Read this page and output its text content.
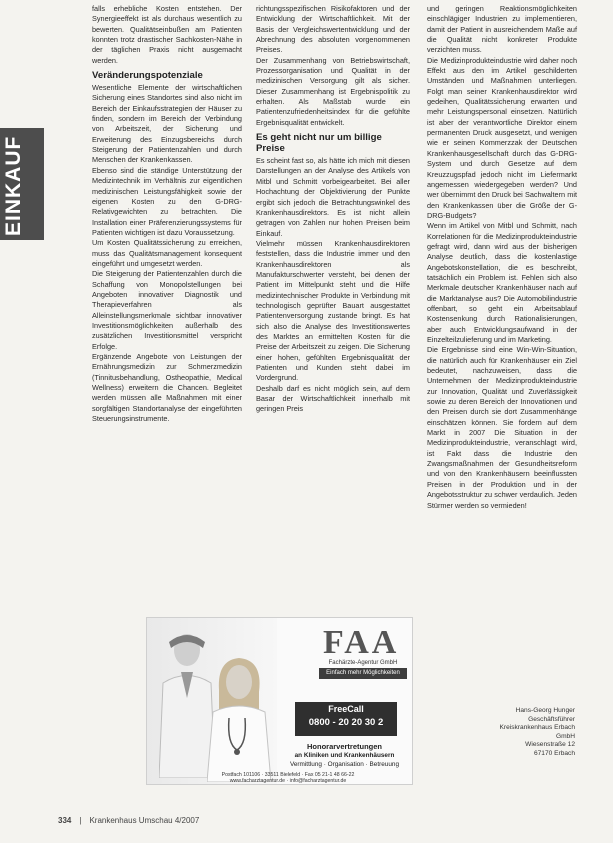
EINKAUF

falls erhebliche Kosten entstehen. Der Synergieeffekt ist als durchaus wesentlich zu bewerten. Qualitätseinbußen am Patienten konnten trotz drastischer Sachkosten-Nähe in der täglichen Praxis nicht ausgemacht werden.

Veränderungspotenziale

Wesentliche Elemente der wirtschaftlichen Sicherung eines Standortes sind also nicht im Bereich der Einkaufsstrategien der Häuser zu finden, sondern im Bereich der Verbindung von Arbeitszeit, der Sicherung und Erweiterung des Einzugsbereichs durch Steigerung der Patientenzahlen und durch Menschen der Krankenkassen.

Ebenso sind die ständige Unterstützung der Medizintechnik im Verhältnis zur eigentlichen medizinischen Leistungsfähigkeit sowie der eigenen Kosten zu den G-DRG-Relativgewichten zu betrachten. Die Installation einer Präferenzierungssystems für Patienten wichtigen ist dazu Voraussetzung.

Um Kosten Qualitätssicherung zu erreichen, muss das Qualitätsmanagement konsequent eingeführt und umgesetzt werden.

Die Steigerung der Patientenzahlen durch die Schaffung von Monopolstellungen bei Angeboten innovativer Diagnostik und Therapieverfahren als Alleinstellungsmerkmale sichtbar innovativer Investitionsmöglichkeiten außerhalb des zusätzlichen Investitionsmittel verspricht Erfolge.

Ergänzende Angebote von Leistungen der Ernährungsmedizin zur Schmerzmedizin (Tinnitusbehandlung, Ostheopathie, Medical Wellness) erweitern die Chancen. Begleitet werden müssen alle Maßnahmen mit einer sorgfältigen Standortanalyse der eingeführten Steuerungsinstrumente.

richtungsspezifischen Risikofaktoren und der Entwicklung der Wirtschaftlichkeit. Mit der Basis der Vergleichswertentwicklung und der Abrechnung des absoluten vorgenommenen Preises.

Der Zusammenhang von Betriebswirtschaft, Prozessorganisation und Qualität in der medizinischen Versorgung gilt als sicher. Dieser Zusammenhang ist Ergebnispolitik zu erhalten. Als Maßstab wurde ein Patientenzufriedenheitsindex für die gefühlte Ergebnisqualität entwickelt.

Es geht nicht nur um billige Preise

Es scheint fast so, als hätte ich mich mit diesen Darstellungen an der Analyse des Artikels von Mitbl und Schmitt vorbeigearbeitet. Bei aller Hochachtung der Objektivierung der Punkte ergibt sich jedoch die Betrachtungswinkel des Krankenhausdirektors. Es ist nicht allein getragen von Zahlen nur hohen Preisen beim Einkauf.

Vielmehr müssen Krankenhausdirektoren feststellen, dass die Industrie immer und den Krankenhausdirektoren als Manufakturschwerter versteht, bei denen der Patient im Mittelpunkt steht und die Hilfe medizintechnischer Produkte in Verbindung mit technologisch geprüfter Bauart ausgestattet Patientenversorgung zustande bringt. Es hat sich also die Analyse des Investitionswertes des Marktes an ermittelten Kosten für die Preise der Arbeitszeit zu zeigen. Die Sicherung einer hohen, gefühlten Ergebnisqualität der Patienten und Kunden steht dabei im Vordergrund.

Deshalb darf es nicht möglich sein, auf dem Basar der Wirtschaftlichkeit innerhalb mit geringen Preis

und geringen Reaktionsmöglichkeiten einschlägiger Industrien zu implementieren, damit der Patient in ausreichendem Maße auf die Qualität nicht konkreter Produkte verzichten muss.

Die Medizinprodukteindustrie wird daher noch Effekt aus den im Artikel geschilderten Umständen und Maßnahmen unterliegen. Folgt man seiner Krankenhausdirektor wird gedeihen, Qualitätssicherung erwarten und mehr Leistungspersonal einsetzen. Natürlich ist aber der verantwortliche Direktor einem permanenten Druck ausgesetzt, und wenigen wie er seinen Kommerzzak der Deutschen Krankenhausgesellschaft durch das G-DRG-System und durch Gesetze auf dem Kreuzzugspfad jedoch nicht im Liefermarkt angemessen wiedergegeben werden? Und wer übernimmt den Druck bei Sachwaltern mit den Krankenkassen über die Größe der G-DRG-Budgets?

Wenn im Artikel von Mitbl und Schmitt, nach Korrelationen für die Medizinprodukteindustrie gefragt wird, dann wird aus der bisherigen Analyse deutlich, dass die kostenlastige Angebotskonstellation, die es beschreibt, tatsächlich ein Problem ist. Fehlen sich also Merkmale deutscher Krankenhäuser nach auf die Marktanalyse aus? Die Automobilindustrie offenbart, so geht ein Arbeitsablauf Kostensenkung durch Rationalisierungen, aber auch Entwicklungsaufwand in der Einzelteilzulieferung und im Marketing.

Die Ergebnisse sind eine Win-Win-Situation, die natürlich auch für Krankenhäuser ein Ziel bedeutet, nachzuweisen, dass die Unternehmen der Medizinprodukteindustrie zur Innovation, Qualität und Zuverlässigkeit sowie zu deren Bereich der Innovationen und den Preisen durch sie dort Zusammenhänge einschätzen können. Sie fordern auf dem Markt in 2007 Die Situation in der Medizinprodukteindustrie, veranschlagt wird, ist Fakt dass die Industrie den Zwangsmaßnahmen der Gesundheitsreform und von den Krankenhäusern beeinflussten Preisen in der Produktion und in der Angebotsstruktur zu schwer verdaulich. Jeden Stürmer werden so vermieden!

FAA
Fachärzte-Agentur GmbH
Einfach mehr Möglichkeiten
FreeCall
0800 - 20 20 30 2
Honorarvertretungen
an Kliniken und Krankenhäusern
Vermittlung · Organisation · Betreuung
Postfach 101106 · 33511 Bielefeld · Fax 05 21-1 48 66-22
www.facharztagentur.de · info@facharztagentur.de
Hans-Georg Hunger
Geschäftsführer
Kreiskrankenhaus Erbach GmbH
Wiesenstraße 12
67170 Erbach
334 | Krankenhaus Umschau 4/2007
